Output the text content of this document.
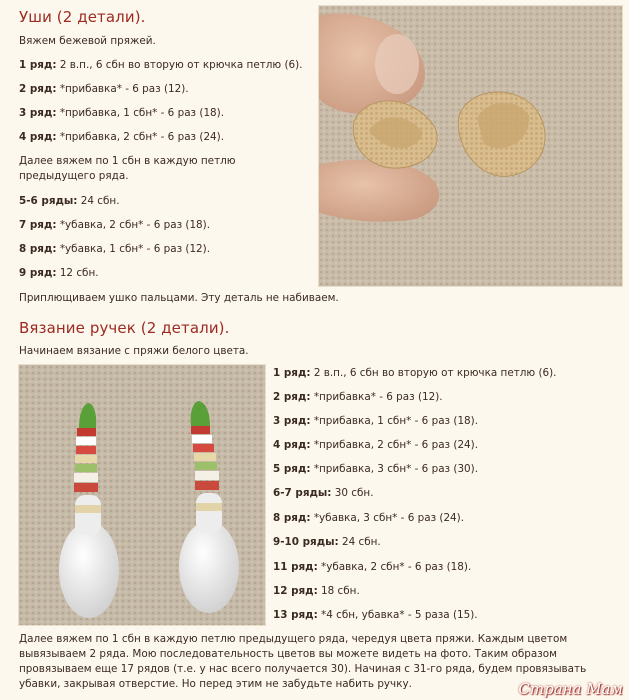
Уши (2 детали).

Вяжем бежевой пряжей.

1 ряд: 2 в.п., 6 сбн во вторую от крючка петлю (6).

2 ряд: *прибавка* - 6 раз (12).

3 ряд: *прибавка, 1 сбн* - 6 раз (18).

4 ряд: *прибавка, 2 сбн* - 6 раз (24).

Далее вяжем по 1 сбн в каждую петлю предыдущего ряда.

5-6 ряды: 24 сбн.

7 ряд: *убавка, 2 сбн* - 6 раз (18).

8 ряд: *убавка, 1 сбн* - 6 раз (12).

9 ряд: 12 сбн.

Приплющиваем ушко пальцами. Эту деталь не набиваем.

Вязание ручек (2 детали).

Начинаем вязание с пряжи белого цвета.

1 ряд: 2 в.п., 6 сбн во вторую от крючка петлю (6).

2 ряд: *прибавка* - 6 раз (12).

3 ряд: *прибавка, 1 сбн* - 6 раз (18).

4 ряд: *прибавка, 2 сбн* - 6 раз (24).

5 ряд: *прибавка, 3 сбн* - 6 раз (30).

6-7 ряды: 30 сбн.

8 ряд: *убавка, 3 сбн* - 6 раз (24).

9-10 ряды: 24 сбн.

11 ряд: *убавка, 2 сбн* - 6 раз (18).

12 ряд: 18 сбн.

13 ряд: *4 сбн, убавка* - 5 раза (15).

Далее вяжем по 1 сбн в каждую петлю предыдущего ряда, чередуя цвета пряжи. Каждым цветом вывязываем 2 ряда. Мою последовательность цветов вы можете видеть на фото. Таким образом провязываем еще 17 рядов (т.е. у нас всего получается 30). Начиная с 31-го ряда, будем провязывать убавки, закрывая отверстие. Но перед этим не забудьте набить ручку.	Страна Мам
